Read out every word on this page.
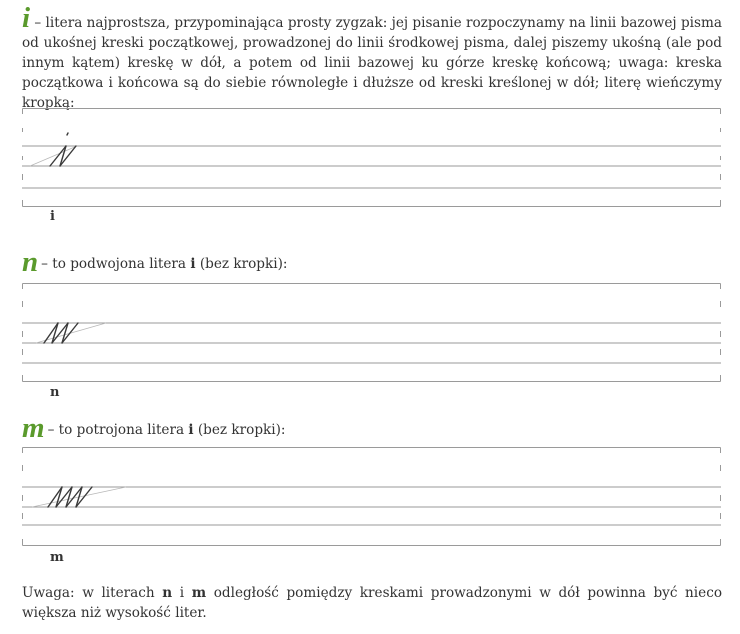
i – litera najprostsza, przypominająca prosty zygzak: jej pisanie rozpoczynamy na linii bazowej pisma od ukośnej kreski początkowej, prowadzonej do linii środkowej pisma, dalej piszemy ukośną (ale pod innym kątem) kreskę w dół, a potem od linii bazowej ku górze kreskę końcową; uwaga: kreska początkowa i końcowa są do siebie równoległe i dłuższe od kreski kreślonej w dół; literę wieńczymy kropką:
i
n – to podwojona litera i (bez kropki):
n
m – to potrojona litera i (bez kropki):
m
Uwaga: w literach n i m odległość pomiędzy kreskami prowadzonymi w dół powinna być nieco większa niż wysokość liter.
